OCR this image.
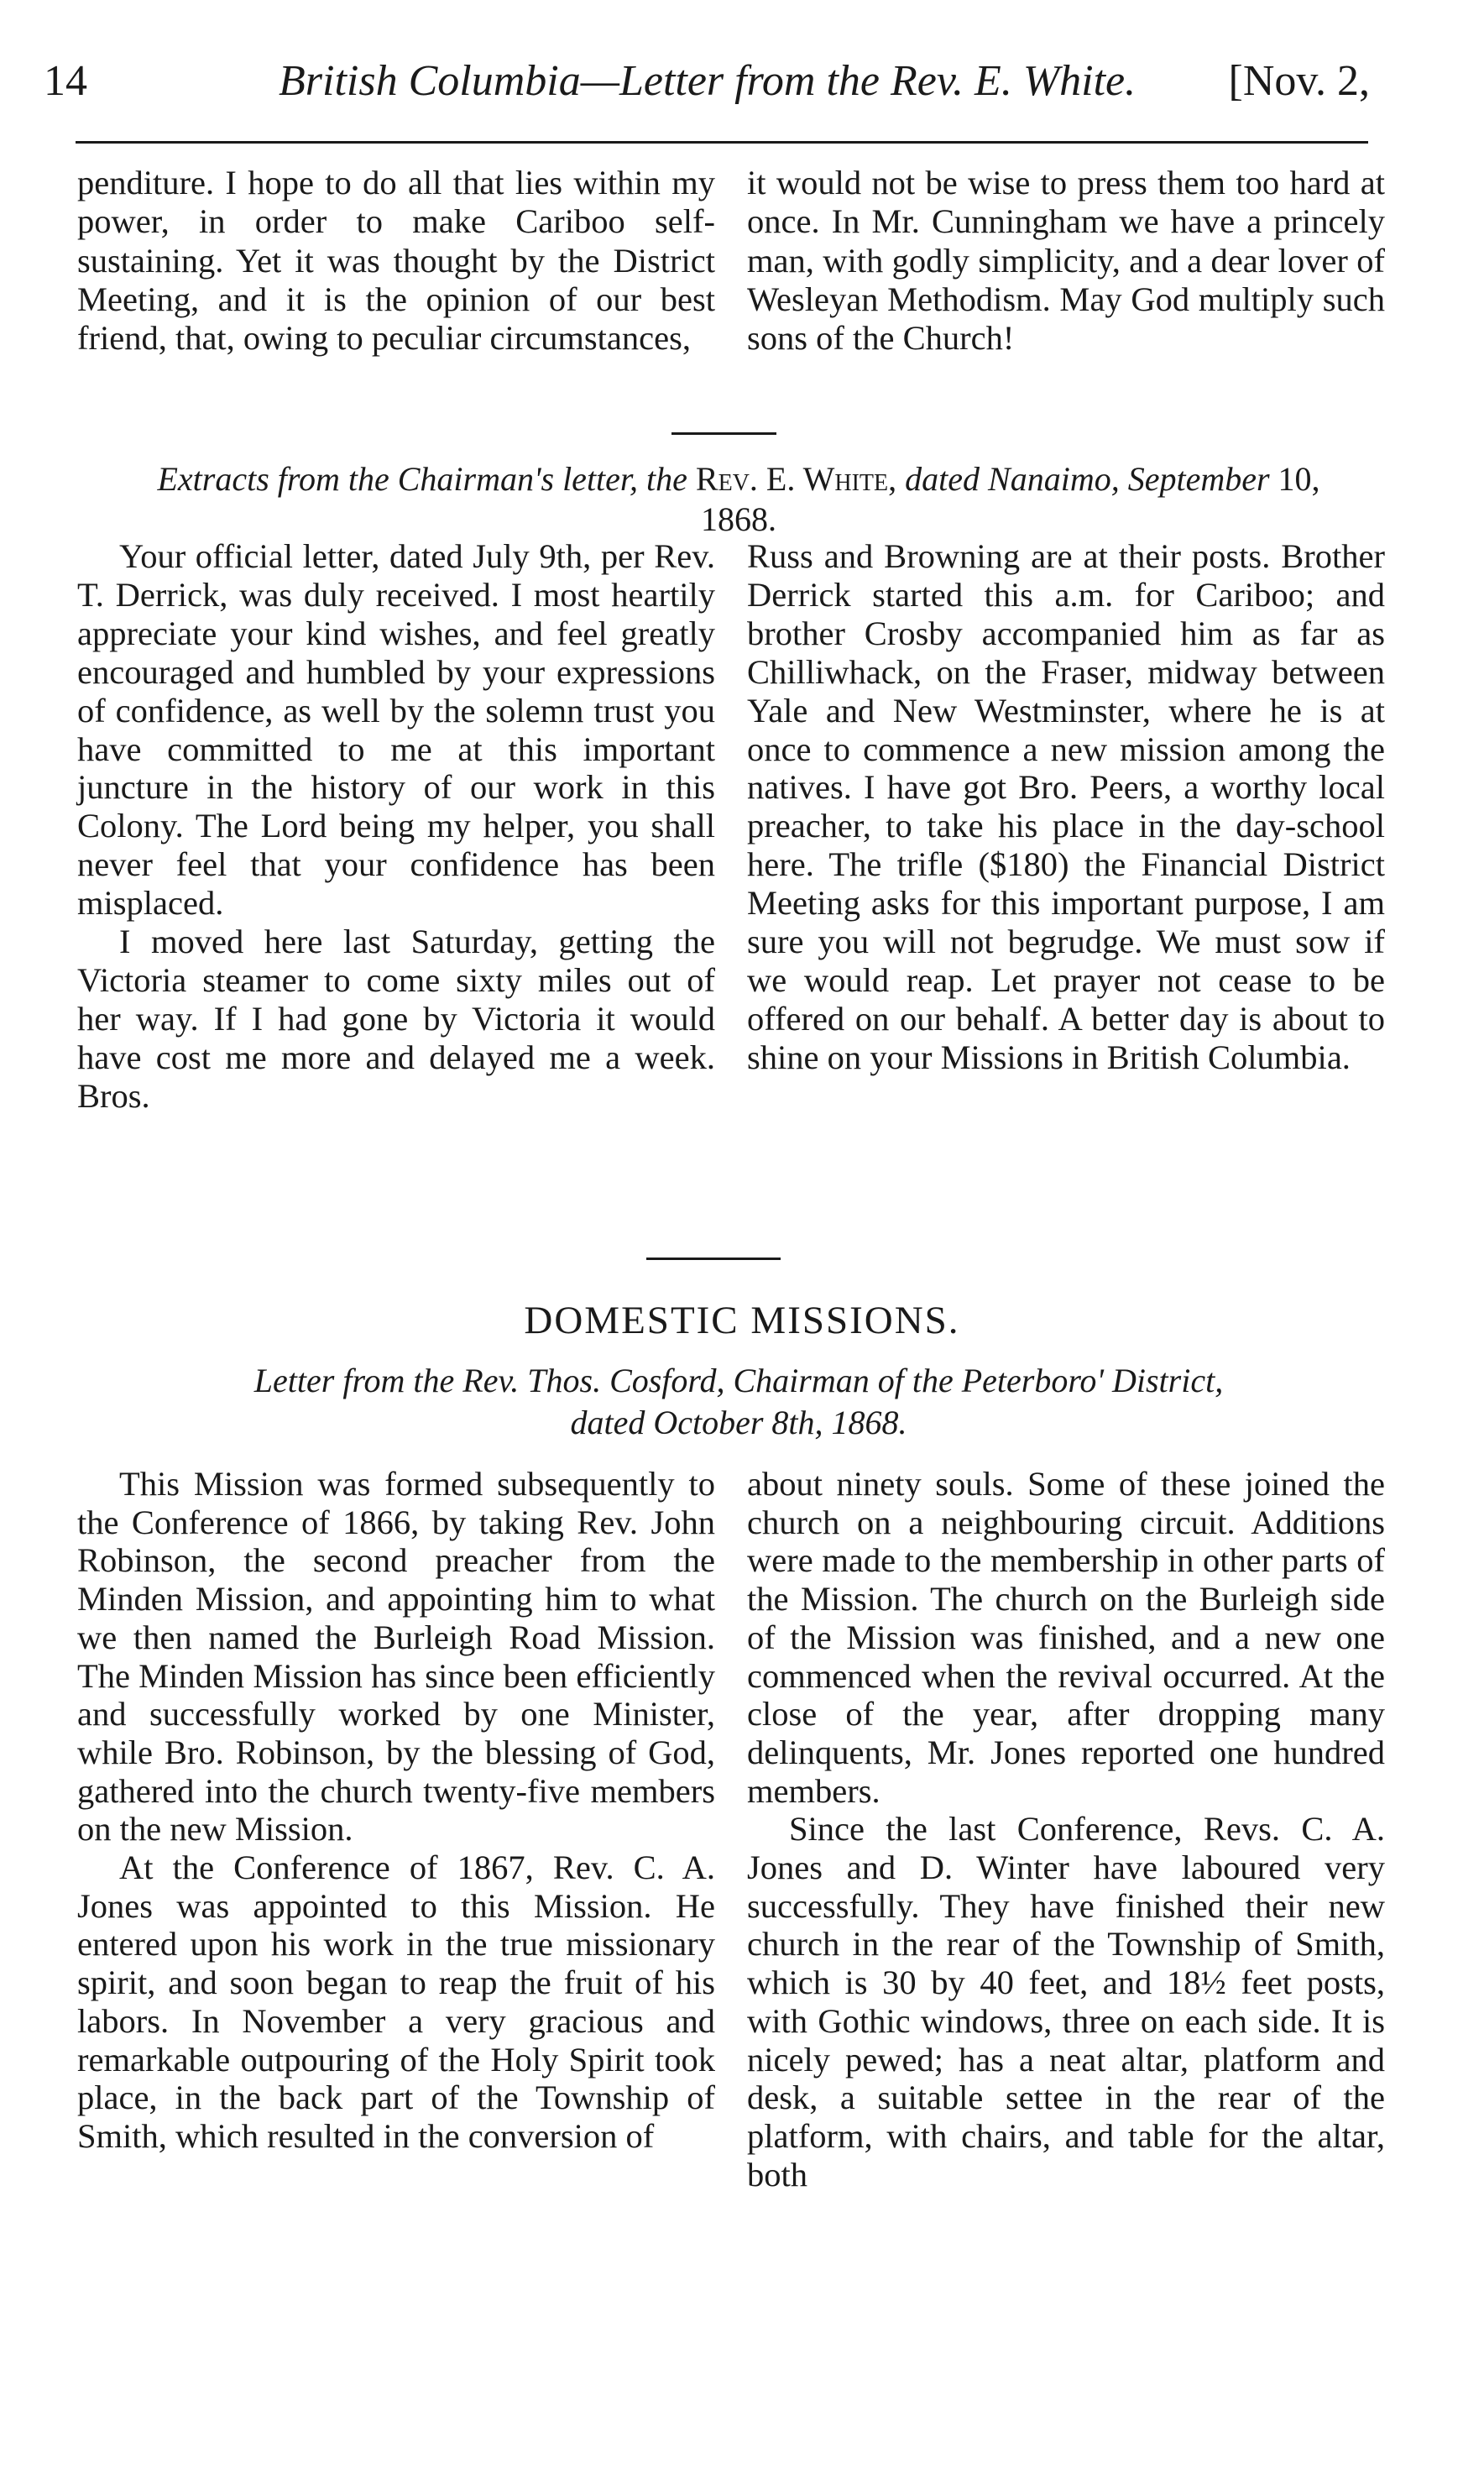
14	British Columbia—Letter from the Rev. E. White. [Nov. 2,

penditure. I hope to do all that lies within my power, in order to make Cariboo self-sustaining. Yet it was thought by the District Meeting, and it is the opinion of our best friend, that, owing to peculiar circumstances,

it would not be wise to press them too hard at once. In Mr. Cunningham we have a princely man, with godly simplicity, and a dear lover of Wesleyan Methodism. May God multiply such sons of the Church!

Extracts from the Chairman's letter, the Rev. E. White, dated Nanaimo, September 10, 1868.

Your official letter, dated July 9th, per Rev. T. Derrick, was duly received. I most heartily appreciate your kind wishes, and feel greatly encouraged and humbled by your expressions of confidence, as well by the solemn trust you have committed to me at this important juncture in the history of our work in this Colony. The Lord being my helper, you shall never feel that your confidence has been misplaced.

I moved here last Saturday, getting the Victoria steamer to come sixty miles out of her way. If I had gone by Victoria it would have cost me more and delayed me a week. Bros.

Russ and Browning are at their posts. Brother Derrick started this a.m. for Cariboo; and brother Crosby accompanied him as far as Chilliwhack, on the Fraser, midway between Yale and New Westminster, where he is at once to commence a new mission among the natives. I have got Bro. Peers, a worthy local preacher, to take his place in the day-school here. The trifle ($180) the Financial District Meeting asks for this important purpose, I am sure you will not begrudge. We must sow if we would reap. Let prayer not cease to be offered on our behalf. A better day is about to shine on your Missions in British Columbia.

DOMESTIC MISSIONS.
Letter from the Rev. Thos. Cosford, Chairman of the Peterboro' District,
dated October 8th, 1868.

This Mission was formed subsequently to the Conference of 1866, by taking Rev. John Robinson, the second preacher from the Minden Mission, and appointing him to what we then named the Burleigh Road Mission. The Minden Mission has since been efficiently and successfully worked by one Minister, while Bro. Robinson, by the blessing of God, gathered into the church twenty-five members on the new Mission.

At the Conference of 1867, Rev. C. A. Jones was appointed to this Mission. He entered upon his work in the true missionary spirit, and soon began to reap the fruit of his labors. In November a very gracious and remarkable outpouring of the Holy Spirit took place, in the back part of the Township of Smith, which resulted in the conversion of

about ninety souls. Some of these joined the church on a neighbouring circuit. Additions were made to the membership in other parts of the Mission. The church on the Burleigh side of the Mission was finished, and a new one commenced when the revival occurred. At the close of the year, after dropping many delinquents, Mr. Jones reported one hundred members.

Since the last Conference, Revs. C. A. Jones and D. Winter have laboured very successfully. They have finished their new church in the rear of the Township of Smith, which is 30 by 40 feet, and 18½ feet posts, with Gothic windows, three on each side. It is nicely pewed; has a neat altar, platform and desk, a suitable settee in the rear of the platform, with chairs, and table for the altar, both
